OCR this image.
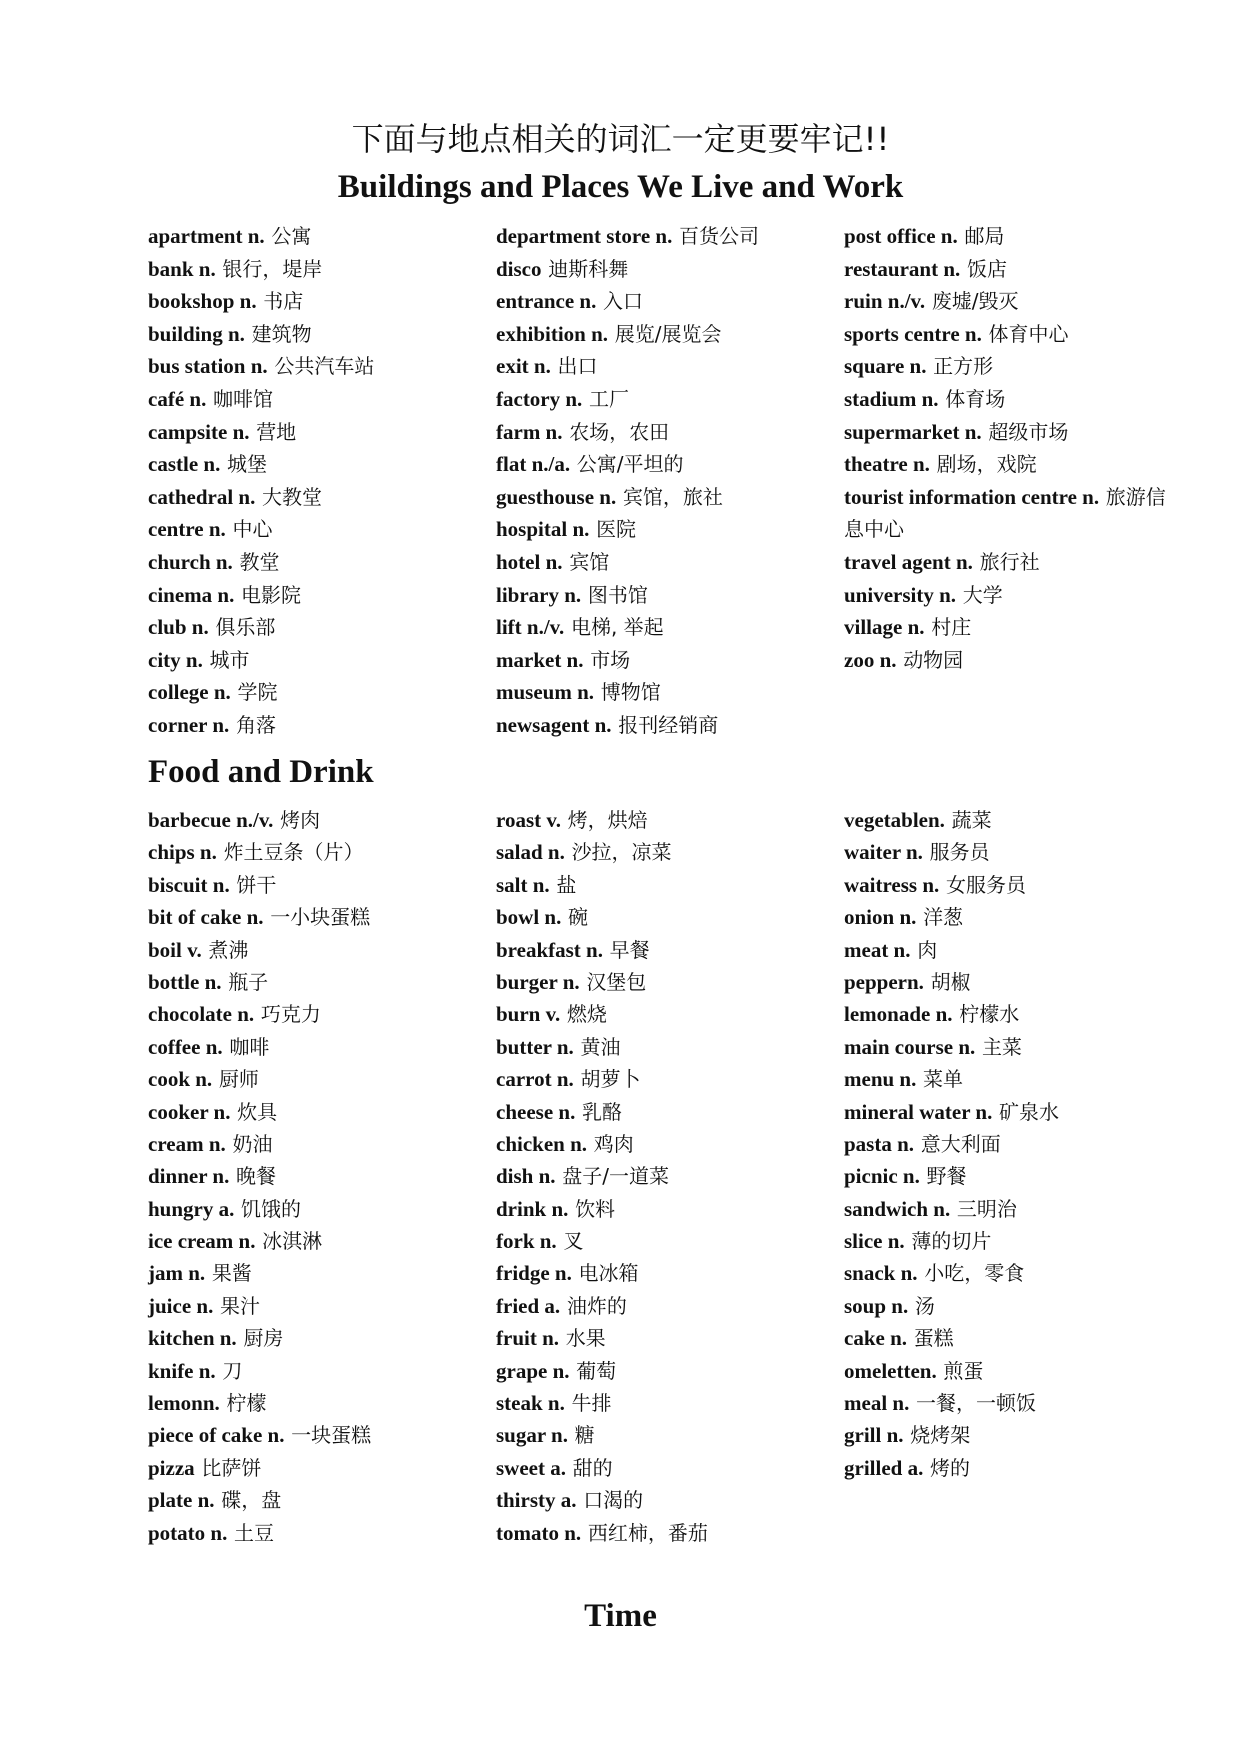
下面与地点相关的词汇一定更要牢记!!
Buildings and Places We Live and Work
apartment n. 公寓
bank n. 银行，堤岸
bookshop n. 书店
building n. 建筑物
bus station n. 公共汽车站
café n. 咖啡馆
campsite n. 营地
castle n. 城堡
cathedral n. 大教堂
centre n. 中心
church n. 教堂
cinema n. 电影院
club n. 俱乐部
city n. 城市
college n. 学院
corner n. 角落
department store n. 百货公司
disco 迪斯科舞
entrance n. 入口
exhibition n. 展览/展览会
exit n. 出口
factory n. 工厂
farm n. 农场，农田
flat n./a. 公寓/平坦的
guesthouse n. 宾馆，旅社
hospital n. 医院
hotel n. 宾馆
library n. 图书馆
lift n./v. 电梯, 举起
market n. 市场
museum n. 博物馆
newsagent n. 报刊经销商
post office n. 邮局
restaurant n. 饭店
ruin n./v. 废墟/毁灭
sports centre n. 体育中心
square n. 正方形
stadium n. 体育场
supermarket n. 超级市场
theatre n. 剧场，戏院
tourist information centre n. 旅游信息中心
travel agent n. 旅行社
university n. 大学
village n. 村庄
zoo n. 动物园
Food and Drink
barbecue n./v. 烤肉
chips n. 炸土豆条（片）
biscuit n. 饼干
bit of cake n. 一小块蛋糕
boil v. 煮沸
bottle n. 瓶子
chocolate n. 巧克力
coffee n. 咖啡
cook n. 厨师
cooker n. 炊具
cream n. 奶油
dinner n. 晚餐
hungry a. 饥饿的
ice cream n. 冰淇淋
jam n. 果酱
juice n. 果汁
kitchen n. 厨房
knife n. 刀
lemonn. 柠檬
piece of cake n. 一块蛋糕
pizza 比萨饼
plate n. 碟，盘
potato n. 土豆
roast v. 烤，烘焙
salad n. 沙拉，凉菜
salt n. 盐
bowl n. 碗
breakfast n. 早餐
burger n. 汉堡包
burn v. 燃烧
butter n. 黄油
carrot n. 胡萝卜
cheese n. 乳酪
chicken n. 鸡肉
dish n. 盘子/一道菜
drink n. 饮料
fork n. 叉
fridge n. 电冰箱
fried a. 油炸的
fruit n. 水果
grape n. 葡萄
steak n. 牛排
sugar n. 糖
sweet a. 甜的
thirsty a. 口渴的
tomato n. 西红柿，番茄
vegetablen. 蔬菜
waiter n. 服务员
waitress n. 女服务员
onion n. 洋葱
meat n. 肉
peppern. 胡椒
lemonade n. 柠檬水
main course n. 主菜
menu n. 菜单
mineral water n. 矿泉水
pasta n. 意大利面
picnic n. 野餐
sandwich n. 三明治
slice n. 薄的切片
snack n. 小吃，零食
soup n. 汤
cake n. 蛋糕
omeletten. 煎蛋
meal n. 一餐，一顿饭
grill n. 烧烤架
grilled a. 烤的
Time
